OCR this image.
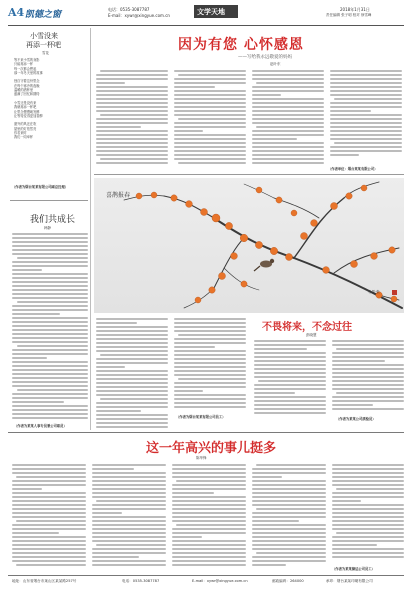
A4 凯德之窗
电话：0535-3087787
E-mail：xywr@xingyue.com.cn	文学天地	2018年1月31日
责任编辑 张子明 校对 徐雪峰
小雪没来
再添一杯吧
雪花
等不来小雪的身影
只能再添一杯
每一次都会想起
那一年冬天里的故事

独自守着这份思念
在每个寒冷的夜晚
温暖的酒杯里
盛满了回忆和期待

小雪还是没有来
我就再添一杯吧
让思念慢慢地发酵
让等待变得更加香醇

窗外的风还在吹
屋里的灯依然亮
你若来时
我们一同举杯
（作者为烟台某某有限公司副总经理）
我们共成长
韩静
（作者为某某人事专员兼公司职员）
因为有您 心怀感恩
——写给我永远敬爱的妈妈
赵叶东
（作者单位：烟台某某有限公司）
喜鹊报春
冬景·张
（作者为烟台某某有限公司员工）
不畏将来，不念过往
彭晓慧
（作者为某某公司质检员）
这一年高兴的事儿挺多
陈华锋
（作者为某某储运公司员工）
地址：山东省烟台市莱山区某某路257号	电话：0535-3087787	E-mail：xywr@xingyue.com.cn	邮政编码：264000	承印：烟台某某印刷有限公司
